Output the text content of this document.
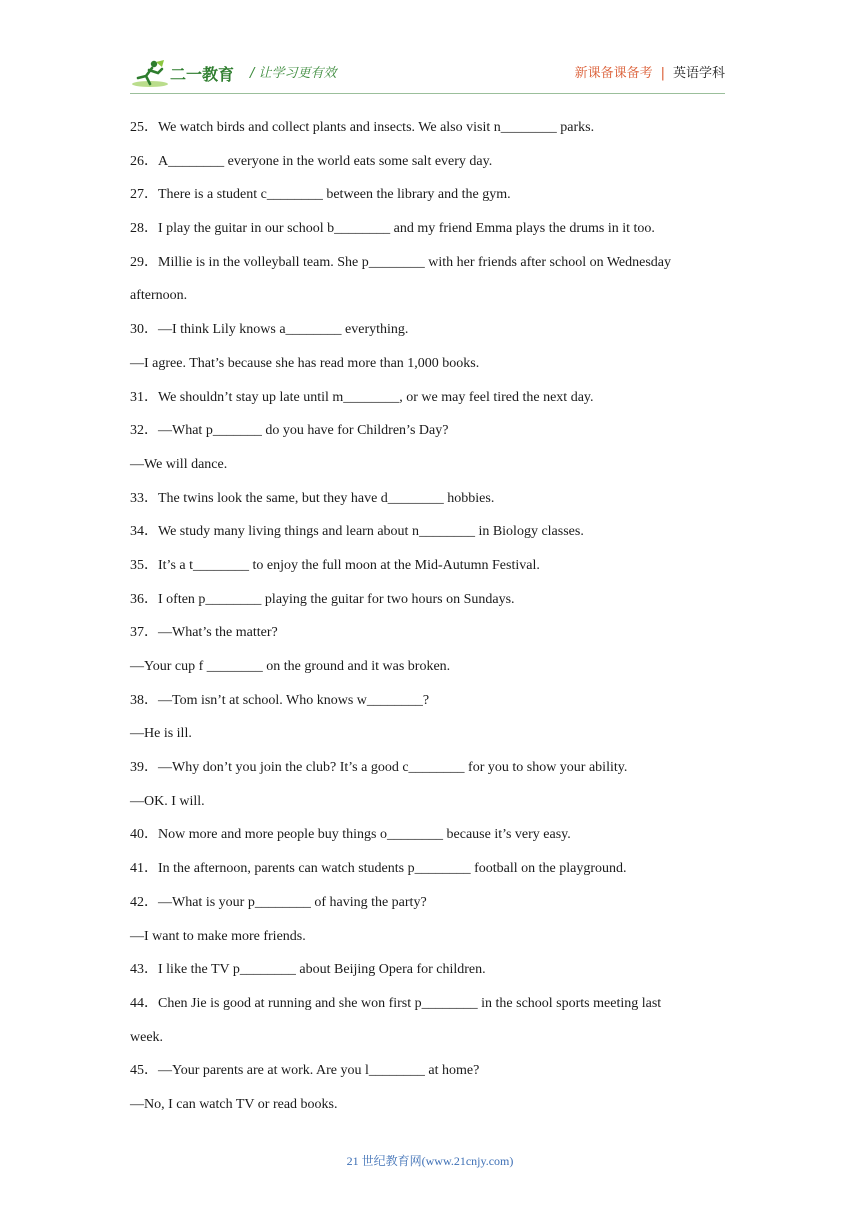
二一教育 / 让学习更有效	新课备课备考 | 英语学科
25．We watch birds and collect plants and insects. We also visit n________ parks.
26．A________ everyone in the world eats some salt every day.
27．There is a student c________ between the library and the gym.
28．I play the guitar in our school b________ and my friend Emma plays the drums in it too.
29．Millie is in the volleyball team. She p________ with her friends after school on Wednesday
afternoon.
30．—I think Lily knows a________ everything.
—I agree. That’s because she has read more than 1,000 books.
31．We shouldn’t stay up late until m________, or we may feel tired the next day.
32．—What p_______ do you have for Children’s Day?
—We will dance.
33．The twins look the same, but they have d________ hobbies.
34．We study many living things and learn about n________ in Biology classes.
35．It’s a t________ to enjoy the full moon at the Mid-Autumn Festival.
36．I often p________ playing the guitar for two hours on Sundays.
37．—What’s the matter?
—Your cup f ________ on the ground and it was broken.
38．—Tom isn’t at school. Who knows w________?
—He is ill.
39．—Why don’t you join the club? It’s a good c________ for you to show your ability.
—OK. I will.
40．Now more and more people buy things o________ because it’s very easy.
41．In the afternoon, parents can watch students p________ football on the playground.
42．—What is your p________ of having the party?
—I want to make more friends.
43．I like the TV p________ about Beijing Opera for children.
44．Chen Jie is good at running and she won first p________ in the school sports meeting last
week.
45．—Your parents are at work. Are you l________ at home?
—No, I can watch TV or read books.
21 世纪教育网(www.21cnjy.com)
